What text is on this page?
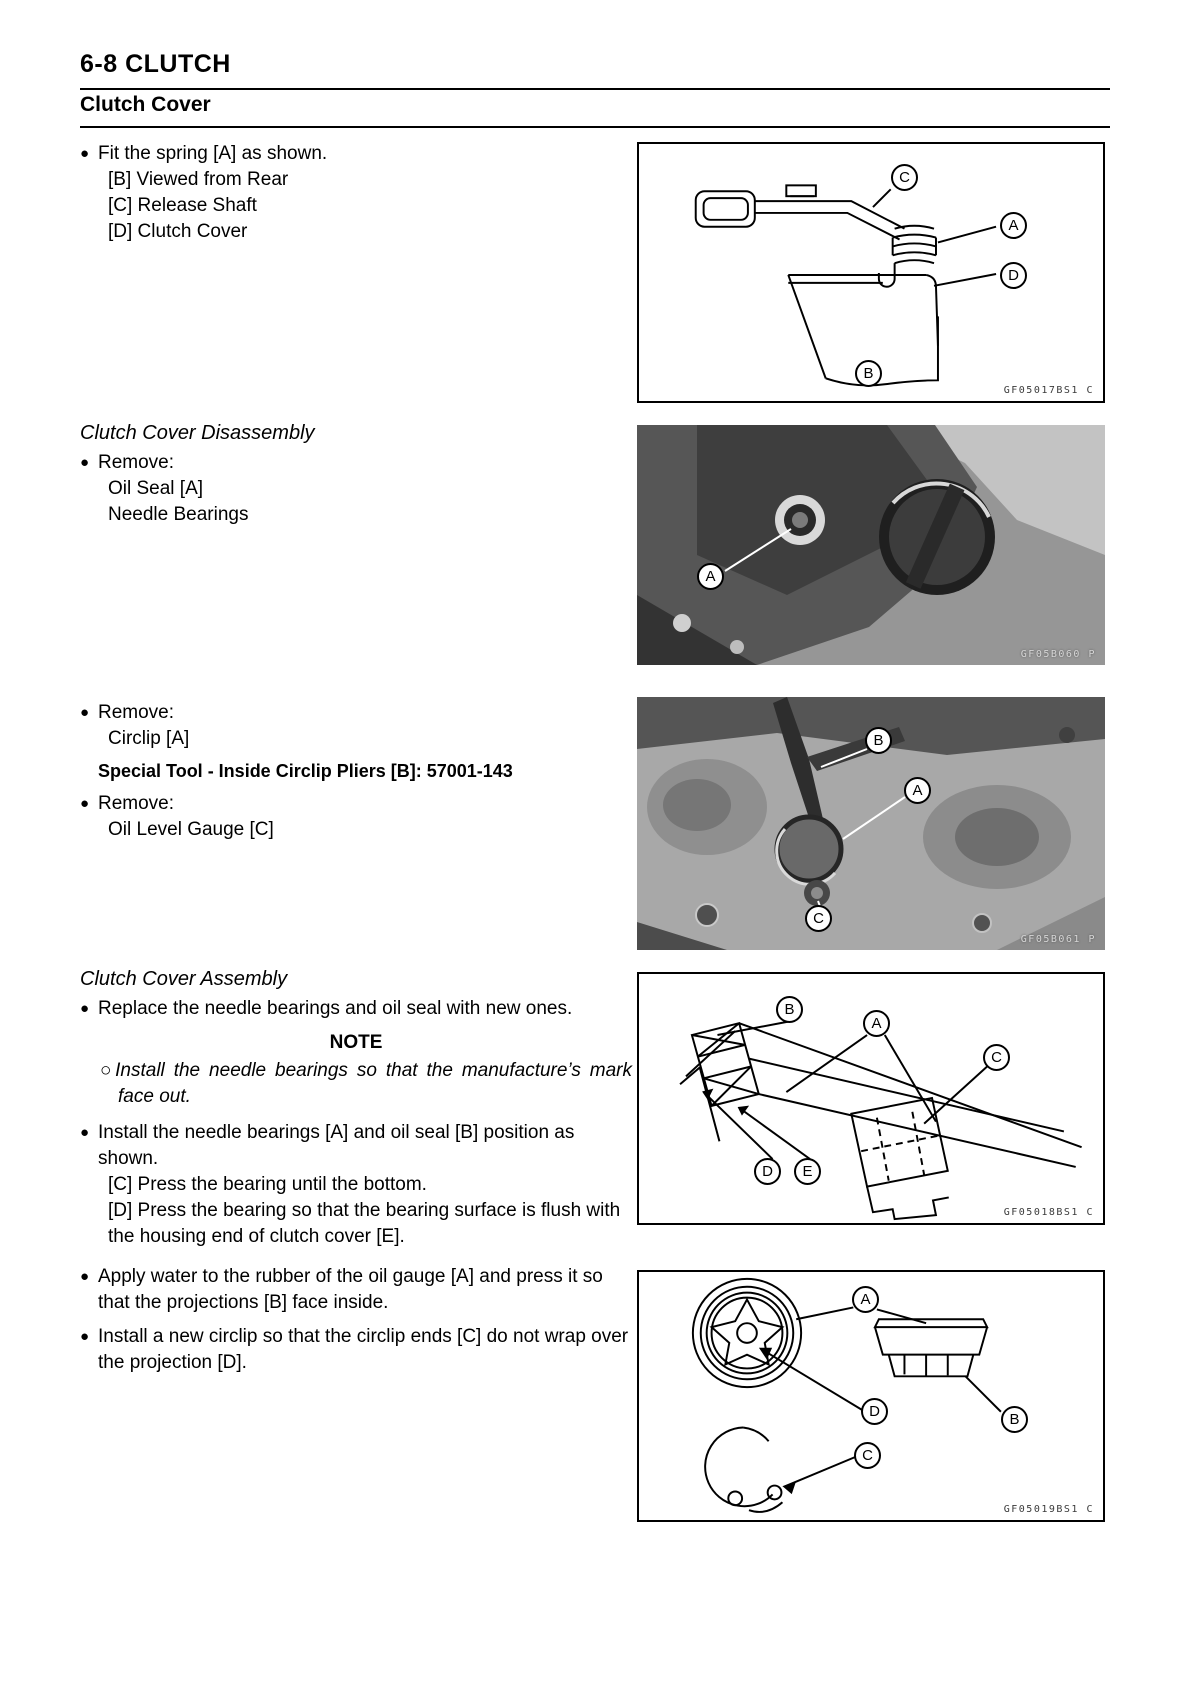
6-8 CLUTCH
Clutch Cover
● Fit the spring [A] as shown.
[B] Viewed from Rear
[C] Release Shaft
[D] Clutch Cover
Clutch Cover Disassembly
● Remove:
Oil Seal [A]
Needle Bearings
● Remove:
Circlip [A]
Special Tool - Inside Circlip Pliers [B]: 57001-143
● Remove:
Oil Level Gauge [C]
Clutch Cover Assembly
● Replace the needle bearings and oil seal with new ones.
NOTE
○Install the needle bearings so that the manufacture’s mark face out.
● Install the needle bearings [A] and oil seal [B] position as shown.
[C] Press the bearing until the bottom.
[D] Press the bearing so that the bearing surface is flush with the housing end of clutch cover [E].
● Apply water to the rubber of the oil gauge [A] and press it so that the projections [B] face inside.
● Install a new circlip so that the circlip ends [C] do not wrap over the projection [D].
C
A
D
B
GF05017BS1 C
A
GF05B060 P
B
A
C
GF05B061 P
B
A
C
D E
GF05018BS1 C
A
D	B
C
GF05019BS1 C
